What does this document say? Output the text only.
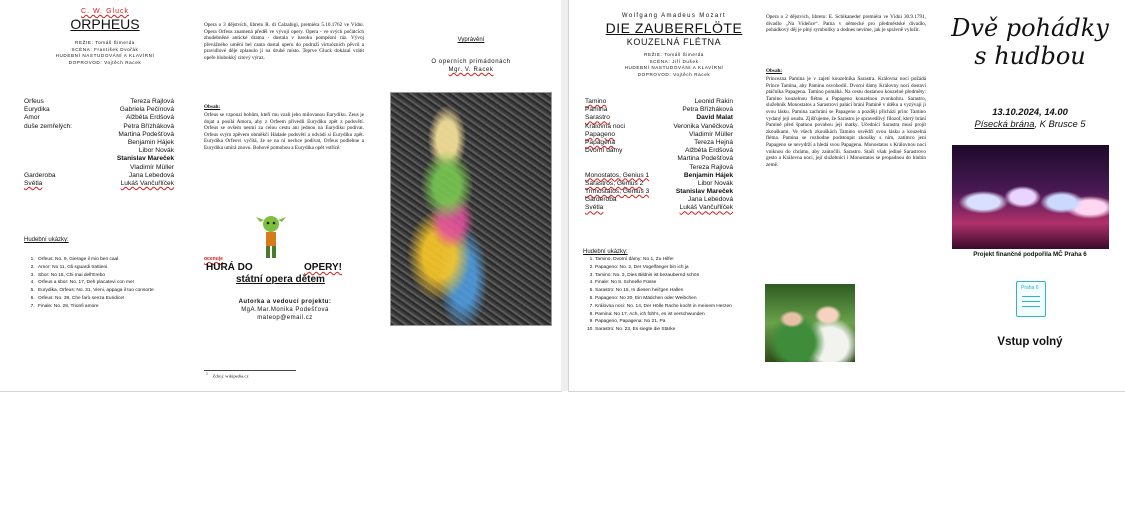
C. W. Gluck
ORPHEUS
REŽIE: Tomáš Šimerda
SCÉNA: František Dvořák
HUDEBNÍ NASTUDOVÁNÍ A KLAVÍRNÍ
DOPROVOD: Vojtěch Racek
Orfeus	Tereza Rajlová
Eurydika	Gabriela Pečínová
Amor	Alžběta Erdšová
duše zemřelých:	Petra Břízháková
Martina Podešťová
Benjamin Hájek
Libor Novák
Stanislav Mareček
Vladimír Müller
Garderoba	Jana Lebedová
Světla	Lukáš Vančuřlíček
Hudební ukázky:
1. Orfeus: No. 9, Gierage il mio ben caal
2. Amor: No 11, Gli sguardi trattieni.
3. Sbor: No 15, Chi mai dell'Erebo
4. Orfeus a sbor: No. 17, Deh placatevi con me!
5. Eurydika, Orfeus: No. 31, Vieni, appaga il tuo consorte
6. Orfeus: No. 39, Che farò senza Euridice!
7. Finale: No. 28, Trionfi amore
Opera o 3 dějstvích, libreto R. di Calzabigi, premiéra 5.10.1762 ve Vídni. Opera Orfeus znamená předěl ve vývoji opery. Opera - ve svých počátcích zhudebněné antické drama - dostala v baroku pompézní ráz. Vývoj převážného umění bel canta dostal operu do podruží virtuózních pěvců a pravidlové děje zplanulo ji na druhé místo. Teprve Gluck dokázal vrátit opeře hlubokký citový výraz.
Obsah:
Orfeus se vzpouzí bohům, kteří mu vzali jeho milovanou Eurydiku. Zeus je dojat a posílá Amora, aby z Orfeem přivedli Eurydiku zpět z podsvětí. Orfeus se ovšem nesmí za celou cestu ani jednou na Eurydiku podívat. Orfeus svým zpěvem obměkčí Hádade podsvětí a odvádí si Eurydiku zpět. Eurydika Orfeovi vyčítá, že se na ni nechce podívat, Orfeus podlehne a Eurydika umírá znovu. Bohové pomohou a Eurydika opět vstřícě.
ocenuje
HURÁ DO	OPERY!
státní opera dětem
Autorka a vedoucí projektu:
MgA.Mar.Monika Podešťová
mateop@email.cz
$^1$ Zdroj: wikipedia.cz
Vyprávění
O operních primádonách
Mgr. V. Racek
Wolfgang Amadeus Mozart
DIE ZAUBERFLÖTE
KOUZELNÁ FLÉTNA
REŽIE: Tomáš Šimerda
SCÉNA: Jiří Dušek
HUDEBNÍ NASTUDOVÁNÍ A KLAVÍRNÍ
DOPROVOD: Vojtěch Racek
Tamino	Leonid Rakin
Pamina	Petra Břízháková
Sarastro	David Malat
Královna noci	Veronika Vaněčková
Papageno	Vladimír Müller
Papagena	Tereza Hejná
Dvorní dámy	Alžběta Erdšová
Martina Podešťová
Tereza Rajlová
Monostatos, Genius 1	Benjamin Hájek
Sarastros, Genius 2	Libor Novák
Trimostatos, Genius 3	Stanislav Mareček
Garderoba	Jana Lebedová
Světla	Lukáš Vančuřlíček
Hudební ukázky:
1. Tamino, Dvorní dámy: No 1, Zu Hilfe!
2. Papageno: No. 2, Der Vogelfänger bin ich ja
3. Tamino: No. 3, Dies Bildnis ist bezaubernd schön
4. Finale: No 8, Schnelle Füsse
5. Sarastro: No 15, In diesen heil'gen Hallen
6. Papageno: No 20, Ein Mädchen oder Weibchen
7. Královna noci: No. 14, Der Hölle Rache kocht in meinem Herzen
8. Pamina: No 17, Ach, ich fühl's, es ist verschwunden
9. Papageno, Papagena: No 21, Pa
10. Sarastro: No. 23, Es siegte die Stärke
Opera o 2 dějstvích, libreto: E. Schikaneder premiéra ve Vídni 30.9.1791, divadlo „Na Vídeňce“. Patna v německé pro předměstské divadlo, pohádkový děj je plný symboliky a dodnes nevíme, jak je správně vyložit.
Obsah:
Princezna Pamina je v zajetí kouzelníka Sarastra. Královna noci požádá Prince Tamina, aby Paminu osvobodil. Dvorní dámy Královny noci dostaví ptáčníka Papagena. Tamino pomáhá. Na cestu dostanou kouzelné předměty: Tamino kouzelnou flétnu a Papageno kouzelnou zvonkohru. Sarastro, služebník Monostatos a Sarastrovi palácí brání Pamině v útěku a vyzývají ji svou lásku. Pamina zachrání se Papageno a později přichází princ Tamino vydaný její osudu. Zjišťujeme, že Sarastro je spravedlivý filozof, který brání Pamině před špatnou povahou její matky. Učedníci Sarastra musí projít zkouškami. Ve všech zkouškách Tamino osvědčí svou lásku a kouzelná flétna. Pamina se rozhodne podstoupit zkoušky s ním, zatímco jeni Papageno se nevydrží a hledá svou Papagenu. Monostatos s Královnou noci vniknou do chrámu, aby zaútočili. Sarastro. Stačí však jediné Sarastrovo gesto a Královna noci, její služebníci i Monostatos se propadnou do hlubin země.
Dvě pohádky
s hudbou
13.10.2024, 14.00
Písecká brána, K Brusce 5
Projekt finančně podpořila MČ Praha 6
Praha 6
Vstup volný
